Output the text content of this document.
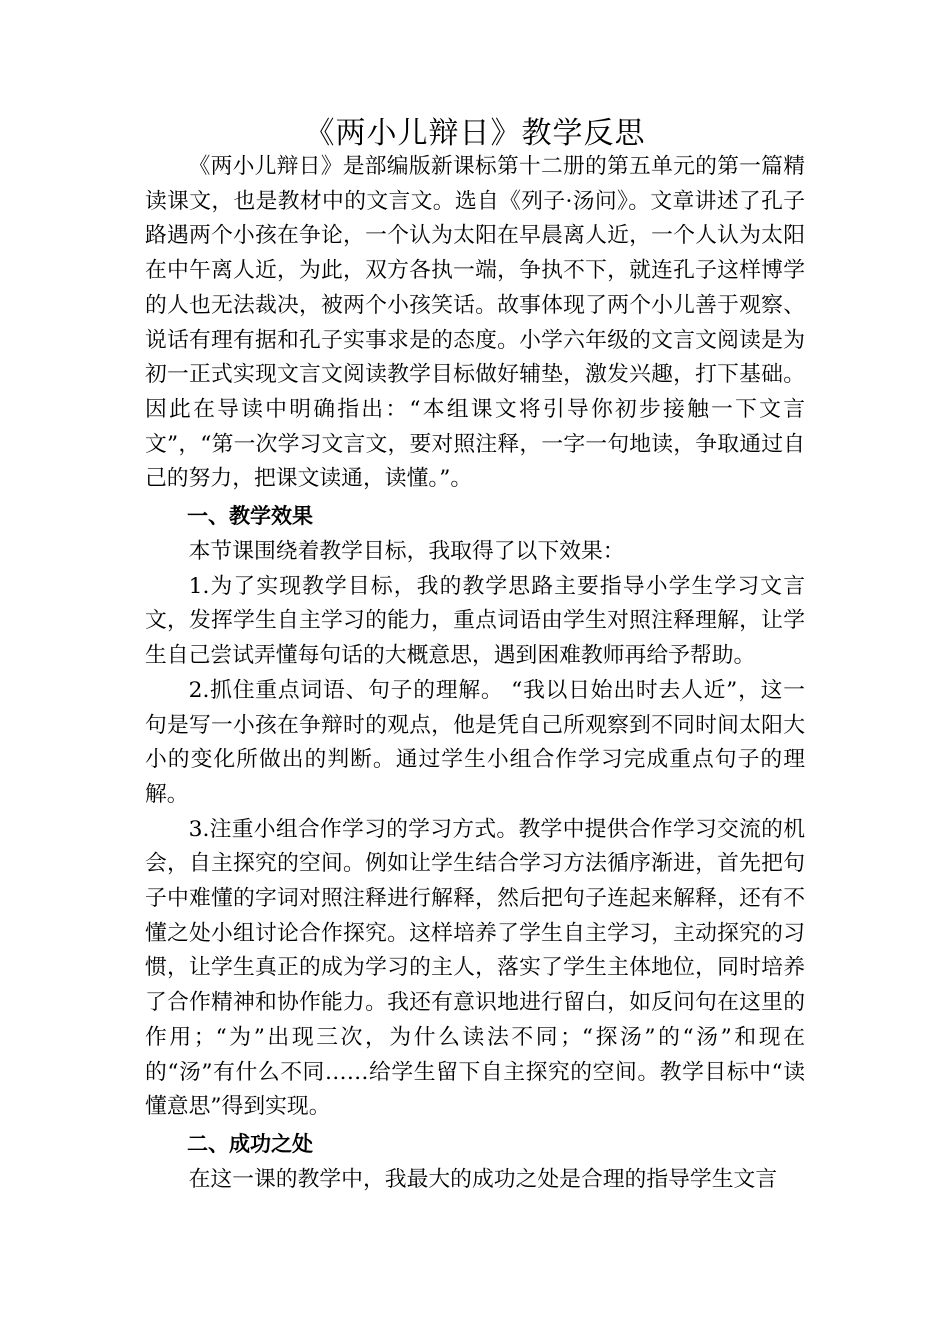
《两小儿辩日》教学反思

《两小儿辩日》是部编版新课标第十二册的第五单元的第一篇精读课文，也是教材中的文言文。选自《列子·汤问》。文章讲述了孔子路遇两个小孩在争论，一个认为太阳在早晨离人近，一个人认为太阳在中午离人近，为此，双方各执一端，争执不下，就连孔子这样博学的人也无法裁决，被两个小孩笑话。故事体现了两个小儿善于观察、说话有理有据和孔子实事求是的态度。小学六年级的文言文阅读是为初一正式实现文言文阅读教学目标做好辅垫，激发兴趣，打下基础。因此在导读中明确指出：“本组课文将引导你初步接触一下文言文”，“第一次学习文言文，要对照注释，一字一句地读，争取通过自己的努力，把课文读通，读懂。”。

一、教学效果

本节课围绕着教学目标，我取得了以下效果：

1.为了实现教学目标，我的教学思路主要指导小学生学习文言文，发挥学生自主学习的能力，重点词语由学生对照注释理解，让学生自己尝试弄懂每句话的大概意思，遇到困难教师再给予帮助。

2.抓住重点词语、句子的理解。 “我以日始出时去人近”，这一句是写一小孩在争辩时的观点，他是凭自己所观察到不同时间太阳大小的变化所做出的判断。通过学生小组合作学习完成重点句子的理解。

3.注重小组合作学习的学习方式。教学中提供合作学习交流的机会，自主探究的空间。例如让学生结合学习方法循序渐进，首先把句子中难懂的字词对照注释进行解释，然后把句子连起来解释，还有不懂之处小组讨论合作探究。这样培养了学生自主学习，主动探究的习惯，让学生真正的成为学习的主人，落实了学生主体地位，同时培养了合作精神和协作能力。我还有意识地进行留白，如反问句在这里的作用；“为”出现三次，为什么读法不同；“探汤”的“汤”和现在的“汤”有什么不同……给学生留下自主探究的空间。教学目标中“读懂意思”得到实现。

二、成功之处

在这一课的教学中，我最大的成功之处是合理的指导学生文言
